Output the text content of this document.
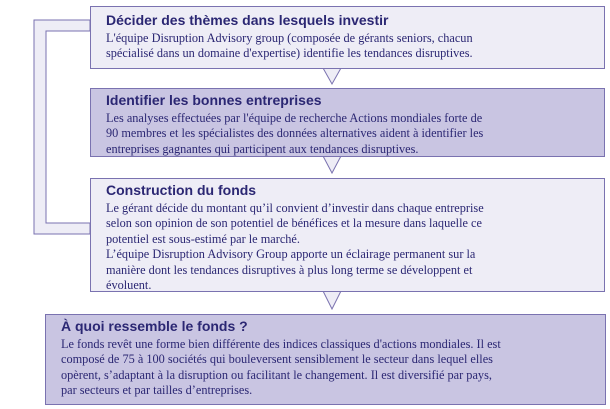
Décider des thèmes dans lesquels investir

L'équipe Disruption Advisory group (composée de gérants seniors, chacun
spécialisé dans un domaine d'expertise) identifie les tendances disruptives.

Identifier les bonnes entreprises

Les analyses effectuées par l'équipe de recherche Actions mondiales forte de
90 membres et les spécialistes des données alternatives aident à identifier les
entreprises gagnantes qui participent aux tendances disruptives.

Construction du fonds

Le gérant décide du montant qu’il convient d’investir dans chaque entreprise
selon son opinion de son potentiel de bénéfices et la mesure dans laquelle ce
potentiel est sous-estimé par le marché.
L’équipe Disruption Advisory Group apporte un éclairage permanent sur la
manière dont les tendances disruptives à plus long terme se développent et
évoluent.

À quoi ressemble le fonds ?

Le fonds revêt une forme bien différente des indices classiques d'actions mondiales. Il est
composé de 75 à 100 sociétés qui bouleversent sensiblement le secteur dans lequel elles
opèrent, s’adaptant à la disruption ou facilitant le changement. Il est diversifié par pays,
par secteurs et par tailles d’entreprises.
